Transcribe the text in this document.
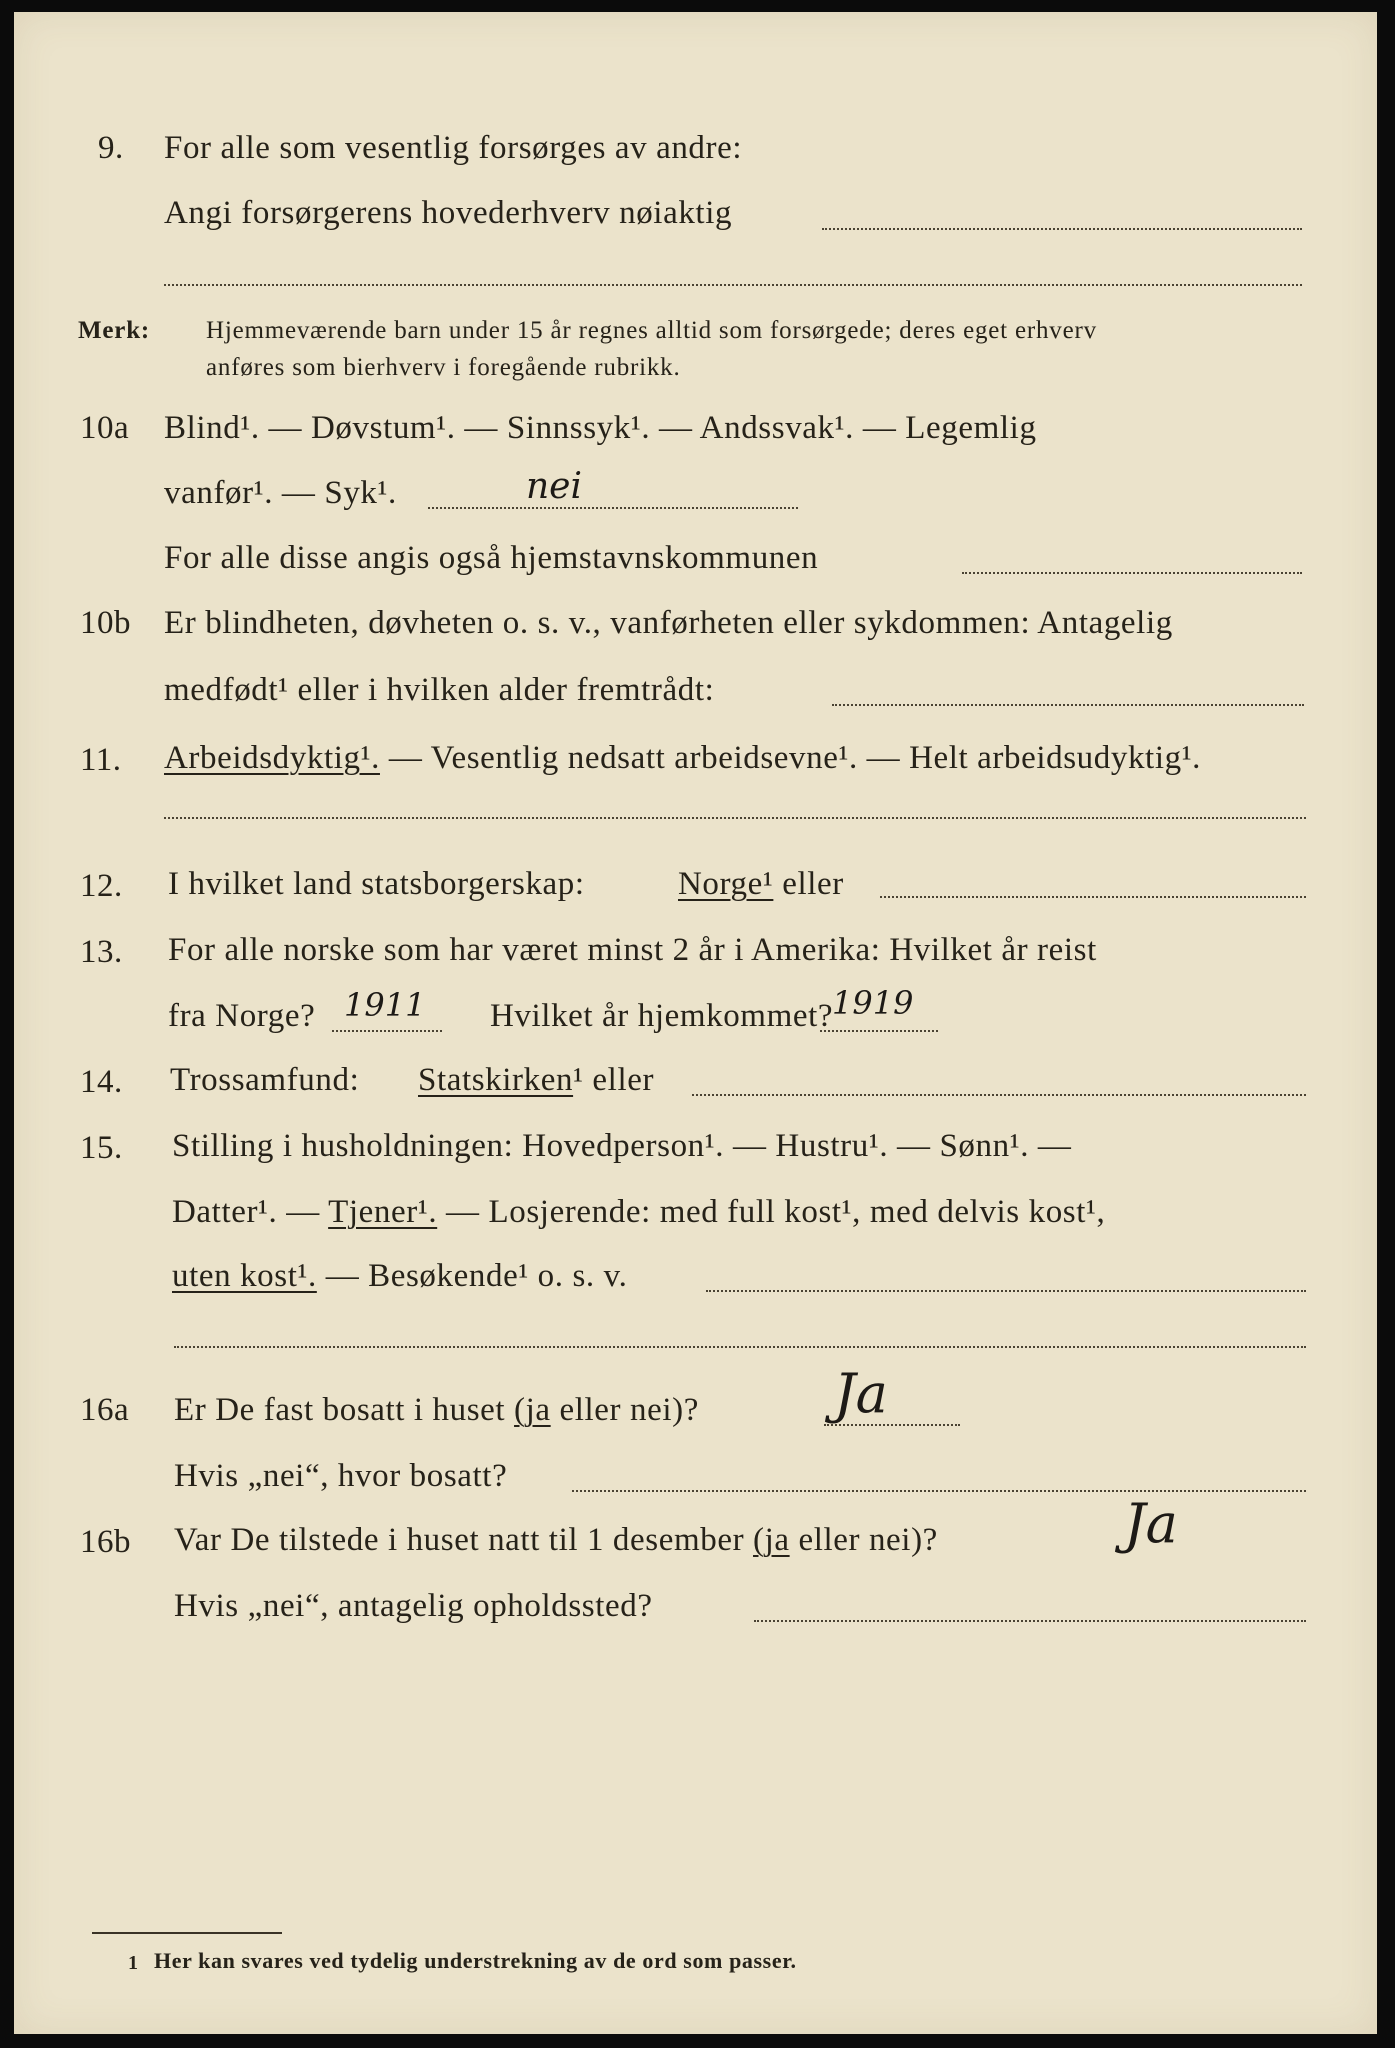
9. For alle som vesentlig forsørges av andre:
Angi forsørgerens hovederhverv nøiaktig
Merk: Hjemmeværende barn under 15 år regnes alltid som forsørgede; deres eget erhverv
anføres som bierhverv i foregående rubrikk.
10a Blind¹. — Døvstum¹. — Sinnssyk¹. — Andssvak¹. — Legemlig
vanfør¹. — Syk¹.	nei
For alle disse angis også hjemstavnskommunen
10b Er blindheten, døvheten o. s. v., vanførheten eller sykdommen: Antagelig
medfødt¹ eller i hvilken alder fremtrådt:
11. Arbeidsdyktig¹. — Vesentlig nedsatt arbeidsevne¹. — Helt arbeidsudyktig¹.
12. I hvilket land statsborgerskap:	Norge¹ eller
13. For alle norske som har været minst 2 år i Amerika: Hvilket år reist
fra Norge? 1911 Hvilket år hjemkommet?
1919
14. Trossamfund: Statskirken¹ eller
15. Stilling i husholdningen: Hovedperson¹. — Hustru¹. — Sønn¹. —
Datter¹. — Tjener¹. — Losjerende: med full kost¹, med delvis kost¹,
uten kost¹. — Besøkende¹ o. s. v.
16a Er De fast bosatt i huset (ja eller nei)?	Ja
Hvis „nei“, hvor bosatt?
16b Var De tilstede i huset natt til 1 desember (ja eller nei)?	Ja
Hvis „nei“, antagelig opholdssted?
1 Her kan svares ved tydelig understrekning av de ord som passer.
